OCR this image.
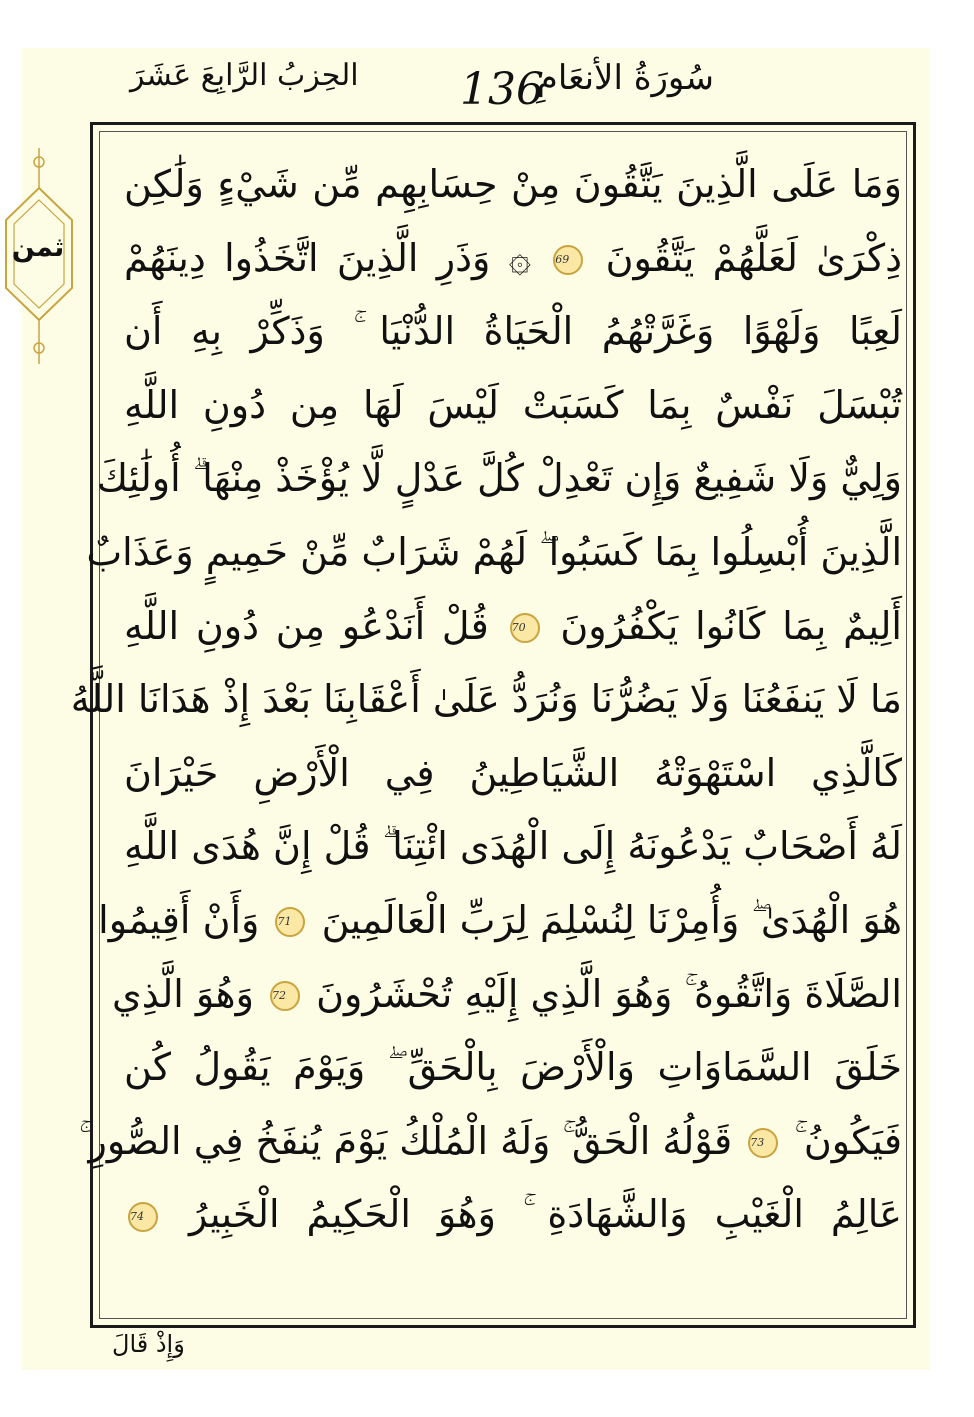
سُورَةُ الأنعَامِ
136
الحِزبُ الرَّابِعَ عَشَرَ
ثمن
وَمَا عَلَى الَّذِينَ يَتَّقُونَ مِنْ حِسَابِهِم مِّن شَيْءٍ وَلَٰكِن
ذِكْرَىٰ لَعَلَّهُمْ يَتَّقُونَ 69 ۞ وَذَرِ الَّذِينَ اتَّخَذُوا دِينَهُمْ
لَعِبًا وَلَهْوًا وَغَرَّتْهُمُ الْحَيَاةُ الدُّنْيَا ۚ وَذَكِّرْ بِهِ أَن
تُبْسَلَ نَفْسٌ بِمَا كَسَبَتْ لَيْسَ لَهَا مِن دُونِ اللَّهِ
وَلِيٌّ وَلَا شَفِيعٌ وَإِن تَعْدِلْ كُلَّ عَدْلٍ لَّا يُؤْخَذْ مِنْهَا ۗ أُولَٰئِكَ
الَّذِينَ أُبْسِلُوا بِمَا كَسَبُوا ۖ لَهُمْ شَرَابٌ مِّنْ حَمِيمٍ وَعَذَابٌ
أَلِيمٌ بِمَا كَانُوا يَكْفُرُونَ 70 قُلْ أَنَدْعُو مِن دُونِ اللَّهِ
مَا لَا يَنفَعُنَا وَلَا يَضُرُّنَا وَنُرَدُّ عَلَىٰ أَعْقَابِنَا بَعْدَ إِذْ هَدَانَا اللَّهُ
كَالَّذِي اسْتَهْوَتْهُ الشَّيَاطِينُ فِي الْأَرْضِ حَيْرَانَ
لَهُ أَصْحَابٌ يَدْعُونَهُ إِلَى الْهُدَى ائْتِنَا ۗ قُلْ إِنَّ هُدَى اللَّهِ
هُوَ الْهُدَىٰ ۖ وَأُمِرْنَا لِنُسْلِمَ لِرَبِّ الْعَالَمِينَ 71 وَأَنْ أَقِيمُوا
الصَّلَاةَ وَاتَّقُوهُ ۚ وَهُوَ الَّذِي إِلَيْهِ تُحْشَرُونَ 72 وَهُوَ الَّذِي
خَلَقَ السَّمَاوَاتِ وَالْأَرْضَ بِالْحَقِّ ۖ وَيَوْمَ يَقُولُ كُن
فَيَكُونُ ۚ 73 قَوْلُهُ الْحَقُّ ۚ وَلَهُ الْمُلْكُ يَوْمَ يُنفَخُ فِي الصُّورِ ۚ
عَالِمُ الْغَيْبِ وَالشَّهَادَةِ ۚ وَهُوَ الْحَكِيمُ الْخَبِيرُ 74
وَإِذْ قَالَ
